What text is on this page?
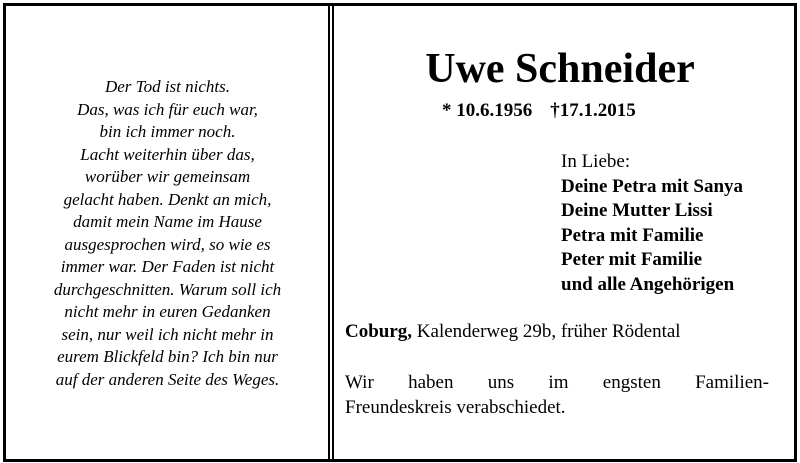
Der Tod ist nichts.
Das, was ich für euch war,
bin ich immer noch.
Lacht weiterhin über das,
worüber wir gemeinsam
gelacht haben. Denkt an mich,
damit mein Name im Hause
ausgesprochen wird, so wie es
immer war. Der Faden ist nicht
durchgeschnitten. Warum soll ich
nicht mehr in euren Gedanken
sein, nur weil ich nicht mehr in
eurem Blickfeld bin? Ich bin nur
auf der anderen Seite des Weges.
Uwe Schneider
* 10.6.1956 †17.1.2015
In Liebe:
Deine Petra mit Sanya
Deine Mutter Lissi
Petra mit Familie
Peter mit Familie
und alle Angehörigen
Coburg, Kalenderweg 29b, früher Rödental
Wir haben uns im engsten Familien-
Freundeskreis verabschiedet.
